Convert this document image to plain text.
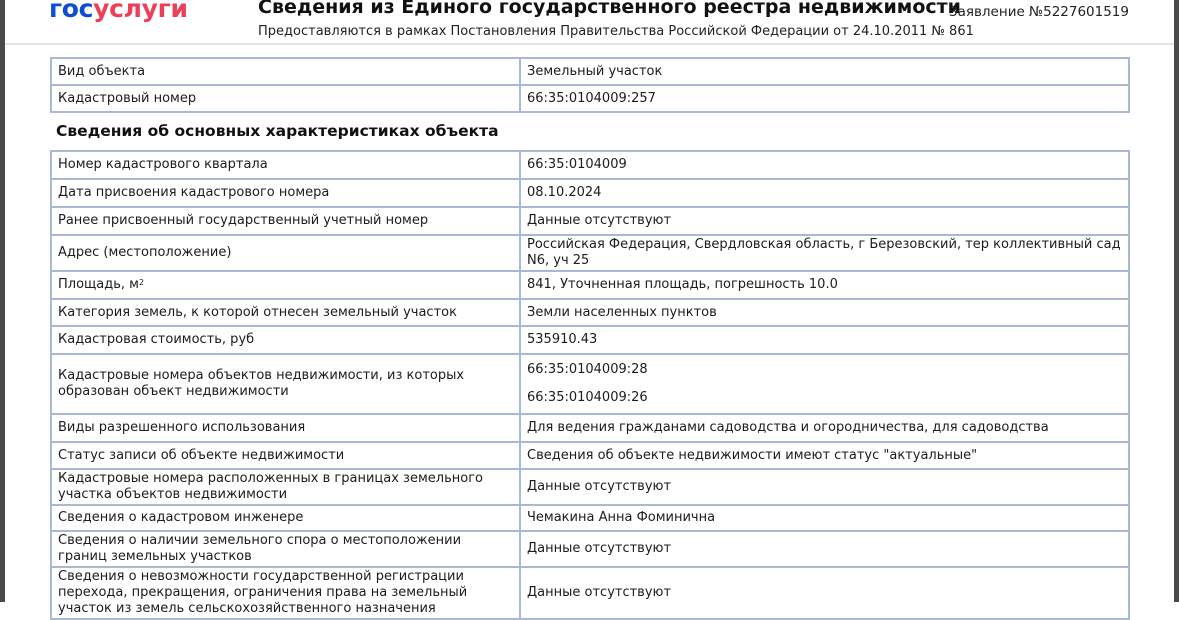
госуслуги	Сведения из Единого государственного реестра недвижимости
Предоставляются в рамках Постановления Правительства Российской Федерации от 24.10.2011 № 861
Заявление №5227601519
Вид объекта	Земельный участок
Кадастровый номер	66:35:0104009:257
Сведения об основных характеристиках объекта
Номер кадастрового квартала	66:35:0104009
Дата присвоения кадастрового номера	08.10.2024
Ранее присвоенный государственный учетный номер	Данные отсутствуют
Адрес (местоположение)	Российская Федерация, Свердловская область, г Березовский, тер коллективный сад N6, уч 25
Площадь, $м^2$	841, Уточненная площадь, погрешность 10.0
Категория земель, к которой отнесен земельный участок	Земли населенных пунктов
Кадастровая стоимость, руб	535910.43
Кадастровые номера объектов недвижимости, из которых образован объект недвижимости	66:35:0104009:28
66:35:0104009:26

Виды разрешенного использования	Для ведения гражданами садоводства и огородничества, для садоводства
Статус записи об объекте недвижимости	Сведения об объекте недвижимости имеют статус "актуальные"
Кадастровые номера расположенных в границах земельного участка объектов недвижимости	Данные отсутствуют
Сведения о кадастровом инженере	Чемакина Анна Фоминична
Сведения о наличии земельного спора о местоположении границ земельных участков	Данные отсутствуют
Сведения о невозможности государственной регистрации перехода, прекращения, ограничения права на земельный участок из земель сельскохозяйственного назначения	Данные отсутствуют
